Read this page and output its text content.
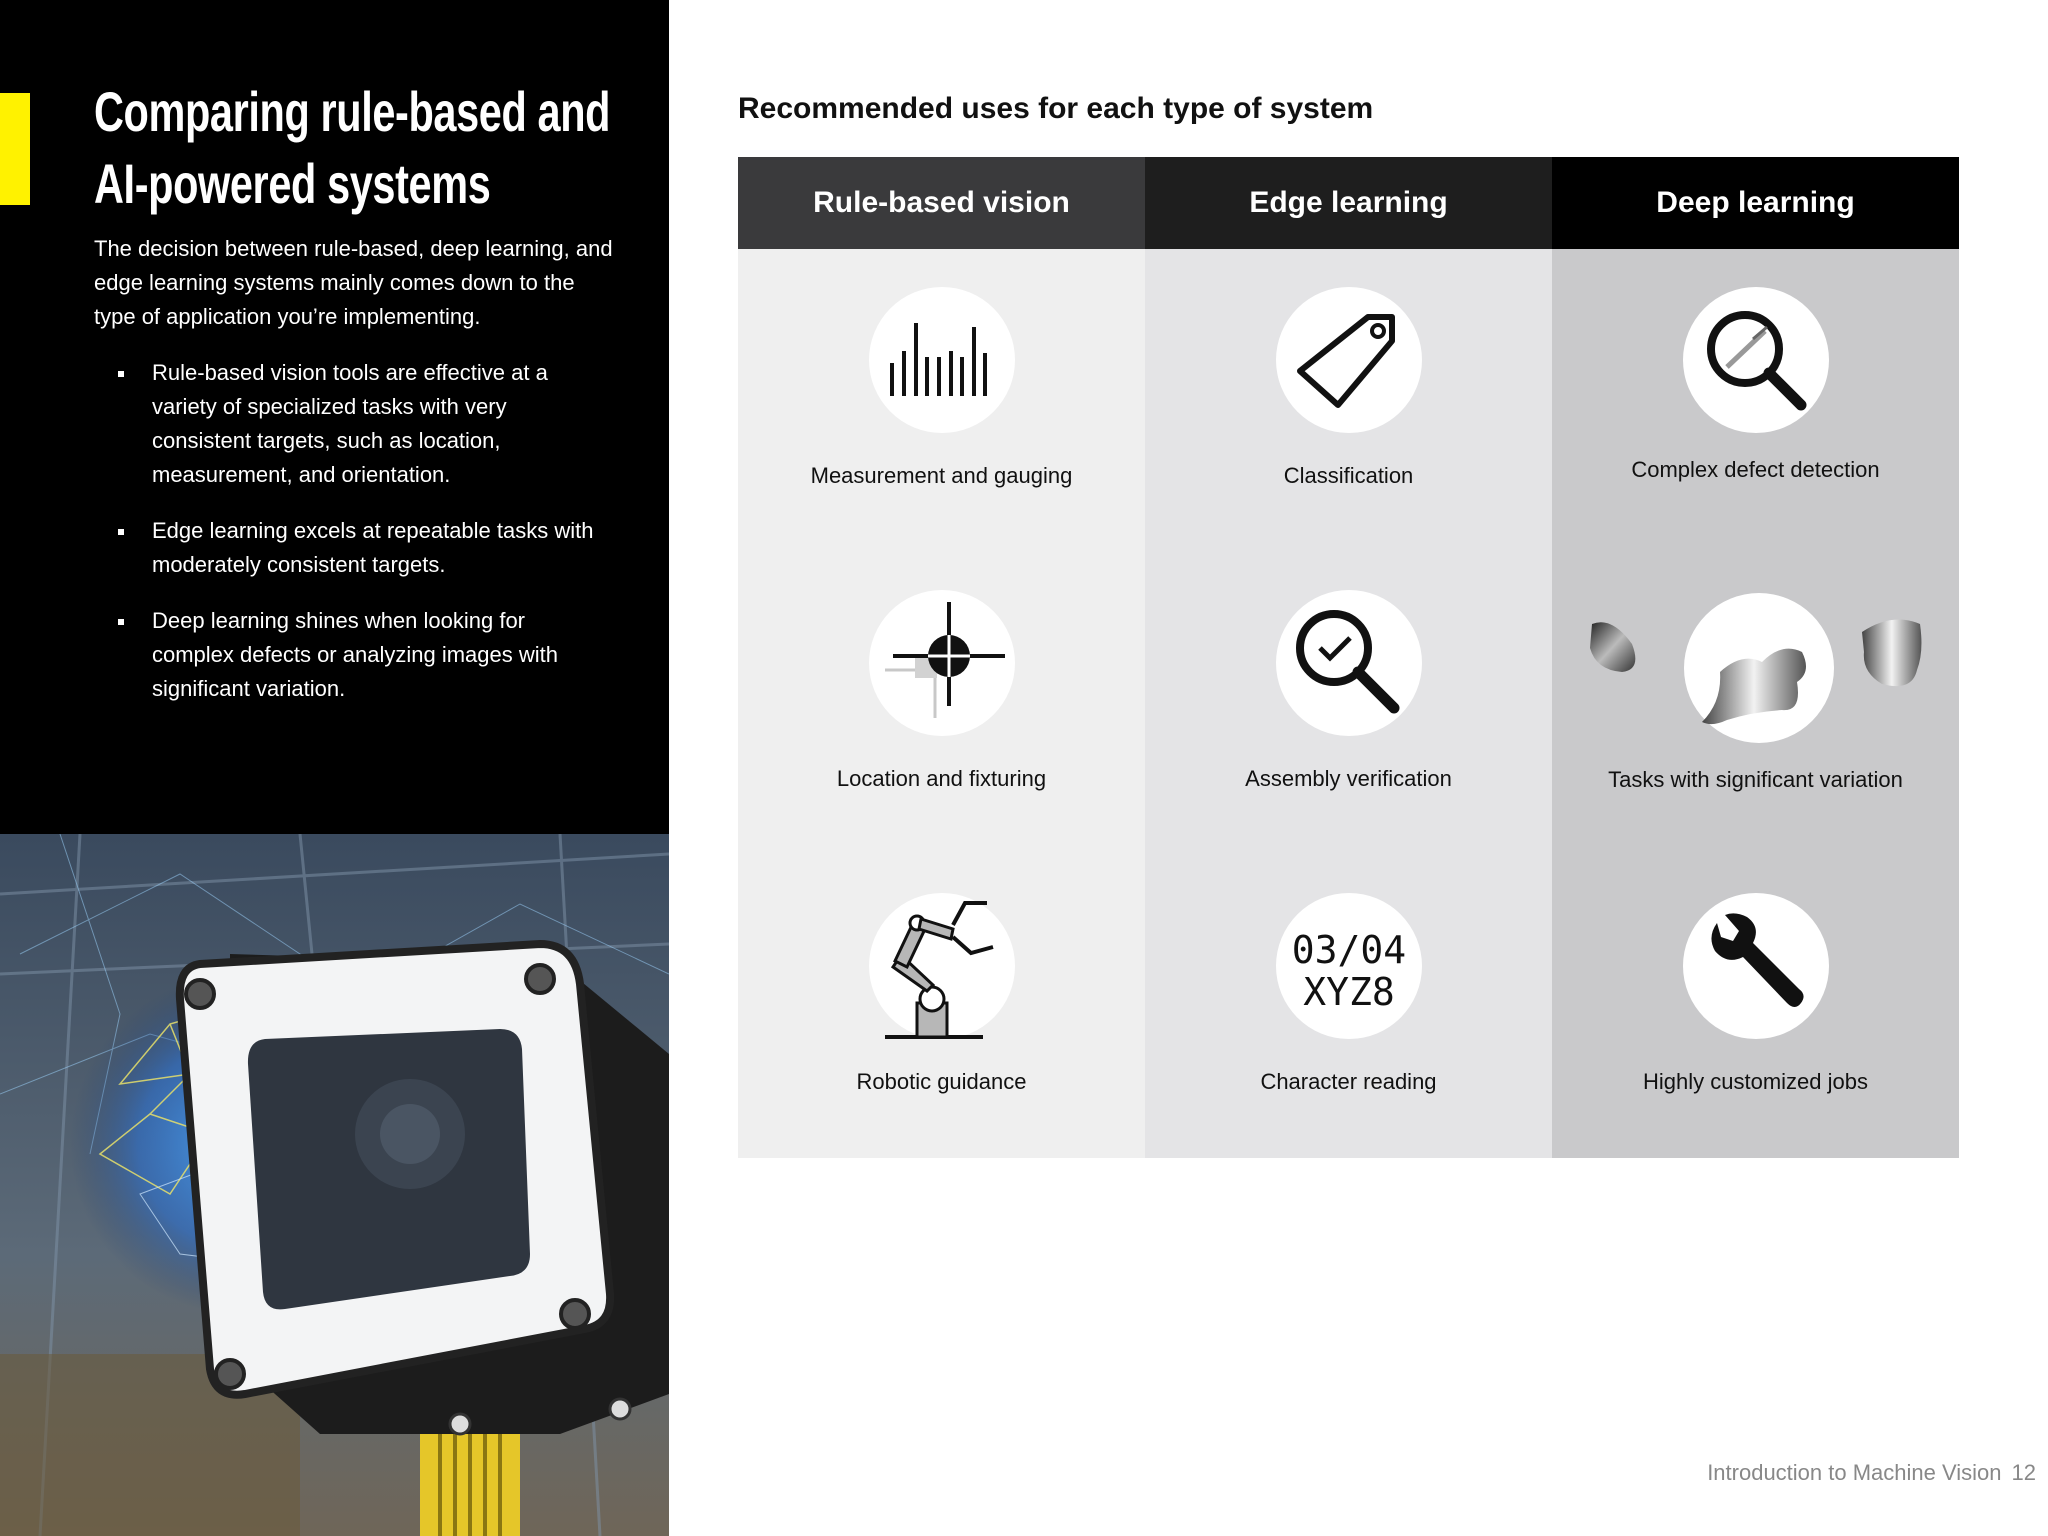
Comparing rule-based and
AI-powered systems

The decision between rule-based, deep learning, and edge learning systems mainly comes down to the type of application you’re implementing.

Rule-based vision tools are effective at a variety of specialized tasks with very consistent targets, such as location, measurement, and orientation.
Edge learning excels at repeatable tasks with moderately consistent targets.
Deep learning shines when looking for complex defects or analyzing images with significant variation.
Recommended uses for each type of system
Rule-based vision
Measurement and gauging
Location and fixturing
Robotic guidance
Edge learning
Classification
Assembly verification
03/04
XYZ8
Character reading
Deep learning
Complex defect detection
Tasks with significant variation
Highly customized jobs
Introduction to Machine Vision 12
